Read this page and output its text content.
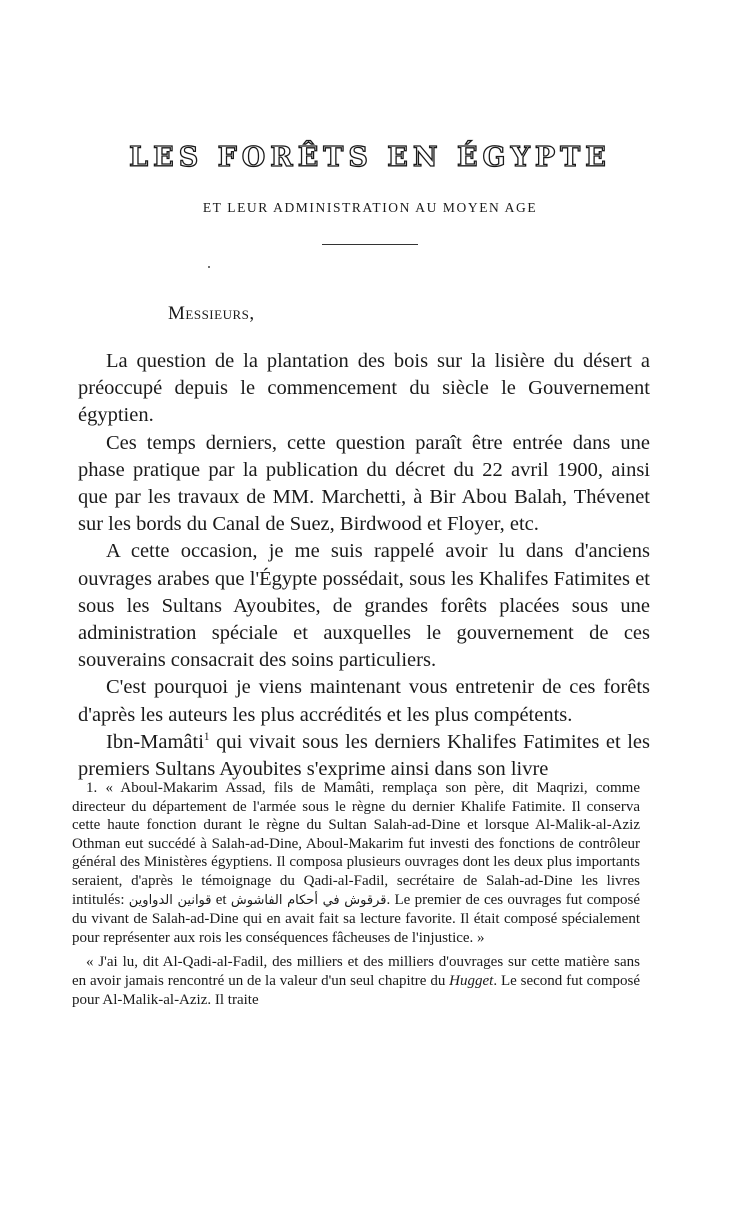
LES FORÊTS EN ÉGYPTE
ET LEUR ADMINISTRATION AU MOYEN AGE
Messieurs,

La question de la plantation des bois sur la lisière du désert a préoccupé depuis le commencement du siècle le Gouvernement égyptien.

Ces temps derniers, cette question paraît être entrée dans une phase pratique par la publication du décret du 22 avril 1900, ainsi que par les travaux de MM. Marchetti, à Bir Abou Balah, Thévenet sur les bords du Canal de Suez, Birdwood et Floyer, etc.

A cette occasion, je me suis rappelé avoir lu dans d'anciens ouvrages arabes que l'Égypte possédait, sous les Khalifes Fatimites et sous les Sultans Ayoubites, de grandes forêts placées sous une administration spéciale et auxquelles le gouvernement de ces souverains consacrait des soins particuliers.

C'est pourquoi je viens maintenant vous entretenir de ces forêts d'après les auteurs les plus accrédités et les plus compétents.

Ibn-Mamâti$^1$ qui vivait sous les derniers Khalifes Fatimites et les premiers Sultans Ayoubites s'exprime ainsi dans son livre

1. « Aboul-Makarim Assad, fils de Mamâti, remplaça son père, dit Maqrizi, comme directeur du département de l'armée sous le règne du dernier Khalife Fatimite. Il conserva cette haute fonction durant le règne du Sultan Salah-ad-Dine et lorsque Al-Malik-al-Aziz Othman eut succédé à Salah-ad-Dine, Aboul-Makarim fut investi des fonctions de contrôleur général des Ministères égyptiens. Il composa plusieurs ouvrages dont les deux plus importants seraient, d'après le témoignage du Qadi-al-Fadil, secrétaire de Salah-ad-Dine les livres intitulés: قوانين الدواوين et قرقوش في أحكام الفاشوش. Le premier de ces ouvrages fut composé du vivant de Salah-ad-Dine qui en avait fait sa lecture favorite. Il était composé spécialement pour représenter aux rois les conséquences fâcheuses de l'injustice. »

« J'ai lu, dit Al-Qadi-al-Fadil, des milliers et des milliers d'ouvrages sur cette matière sans en avoir jamais rencontré un de la valeur d'un seul chapitre du Hugget. Le second fut composé pour Al-Malik-al-Aziz. Il traite
